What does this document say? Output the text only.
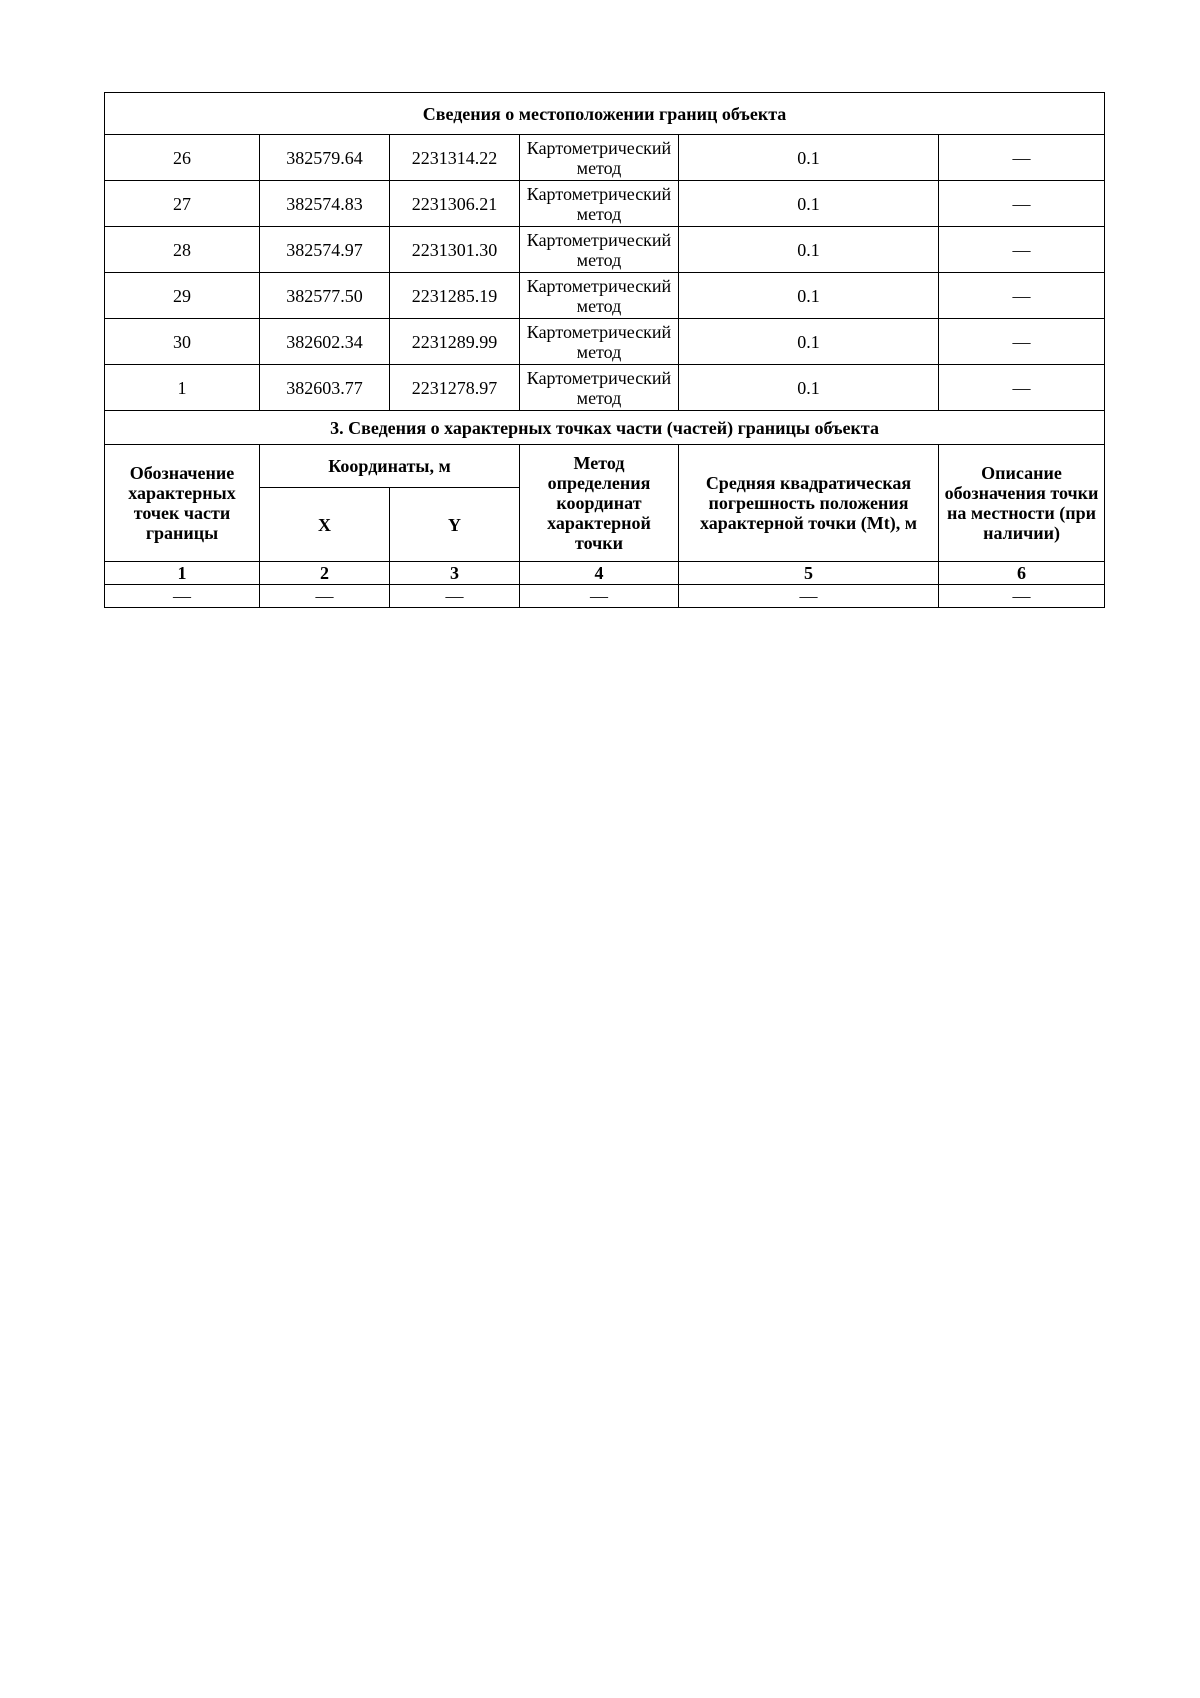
Сведения о местоположении границ объекта					
26	382579.64	2231314.22	Картометрический метод	0.1	—
27	382574.83	2231306.21	Картометрический метод	0.1	—
28	382574.97	2231301.30	Картометрический метод	0.1	—
29	382577.50	2231285.19	Картометрический метод	0.1	—
30	382602.34	2231289.99	Картометрический метод	0.1	—
1	382603.77	2231278.97	Картометрический метод	0.1	—
3. Сведения о характерных точках части (частей) границы объекта					
Обозначение характерных точек части границы	Координаты, м		Метод определения координат характерной точки	Средняя квадратическая погрешность положения характерной точки (Mt), м	Описание обозначения точки на местности (при наличии)
	X	Y			
1	2	3	4	5	6
—	—	—	—	—	—
